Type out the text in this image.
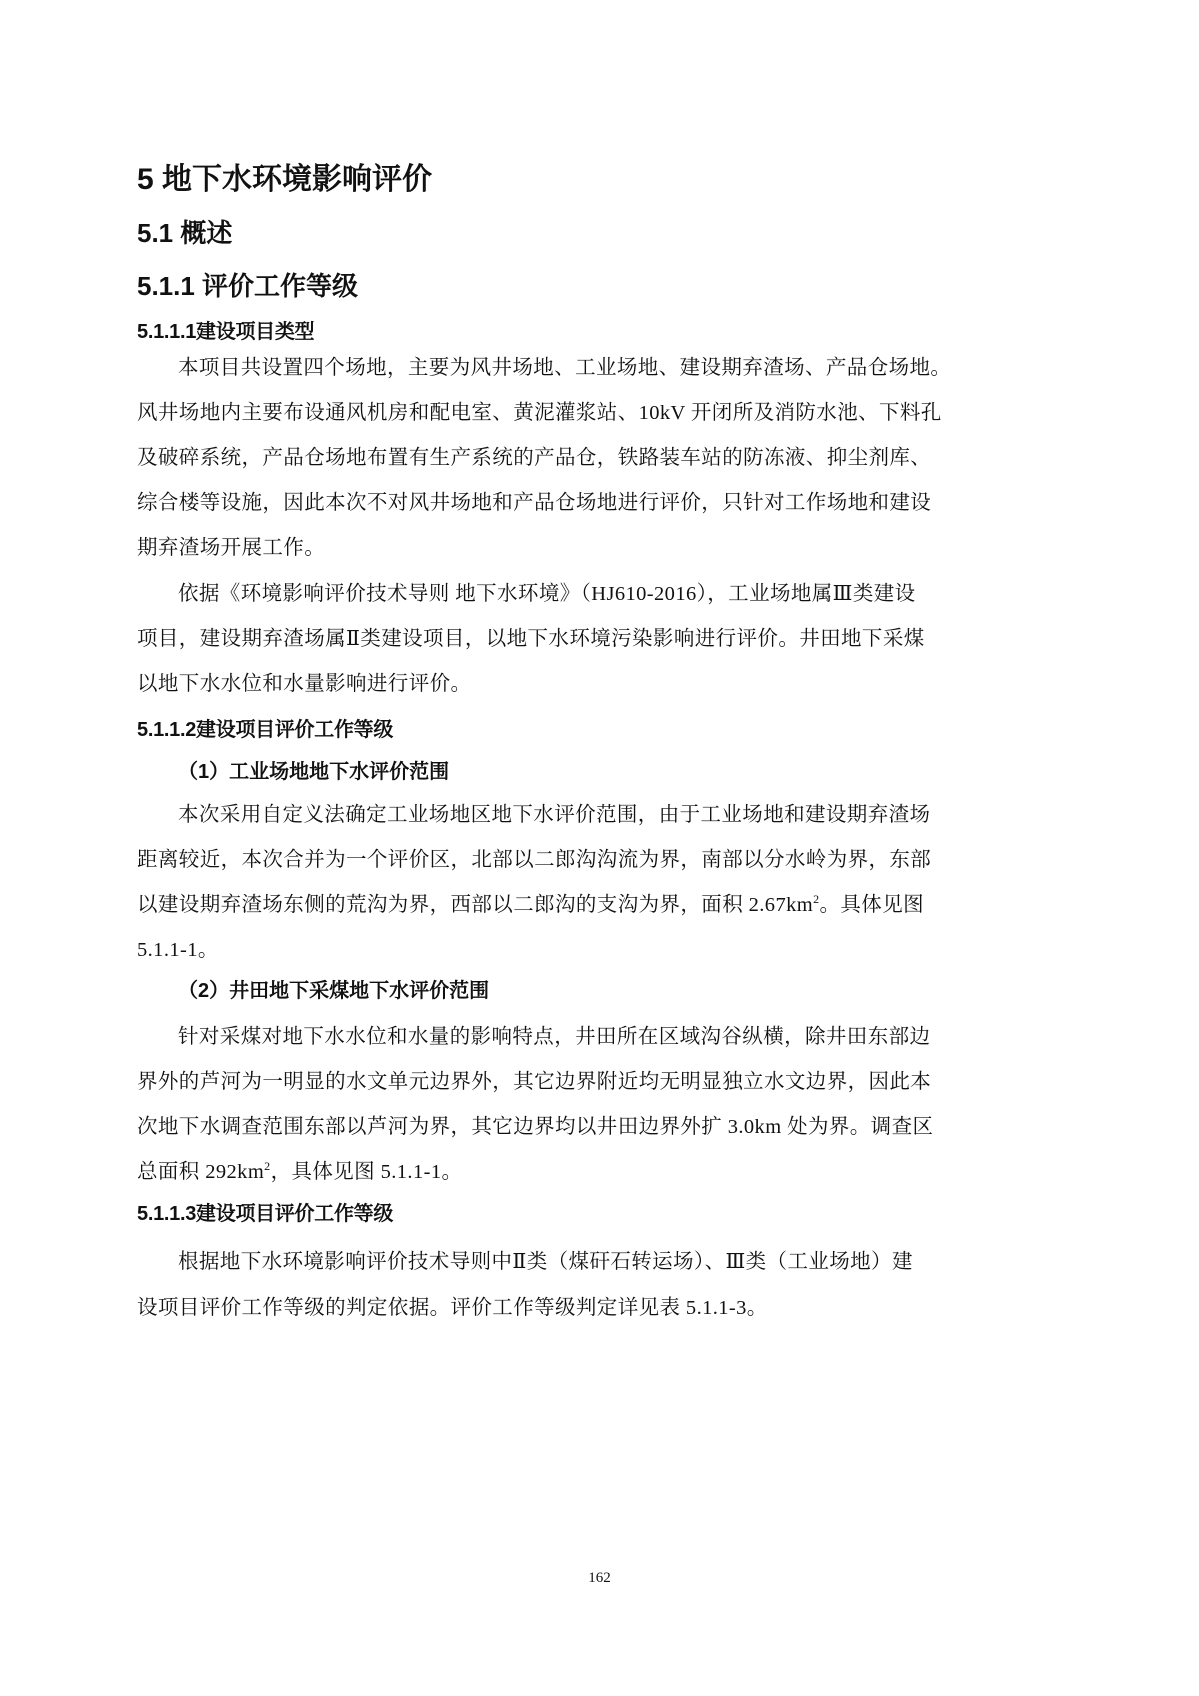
5 地下水环境影响评价
5.1 概述
5.1.1 评价工作等级
5.1.1.1建设项目类型
本项目共设置四个场地，主要为风井场地、工业场地、建设期弃渣场、产品仓场地。
风井场地内主要布设通风机房和配电室、黄泥灌浆站、10kV 开闭所及消防水池、下料孔
及破碎系统，产品仓场地布置有生产系统的产品仓，铁路装车站的防冻液、抑尘剂库、
综合楼等设施，因此本次不对风井场地和产品仓场地进行评价，只针对工作场地和建设
期弃渣场开展工作。
依据《环境影响评价技术导则 地下水环境》（HJ610-2016），工业场地属Ⅲ类建设
项目，建设期弃渣场属Ⅱ类建设项目，以地下水环境污染影响进行评价。井田地下采煤
以地下水水位和水量影响进行评价。
5.1.1.2建设项目评价工作等级
（1）工业场地地下水评价范围
本次采用自定义法确定工业场地区地下水评价范围，由于工业场地和建设期弃渣场
距离较近，本次合并为一个评价区，北部以二郎沟沟流为界，南部以分水岭为界，东部
以建设期弃渣场东侧的荒沟为界，西部以二郎沟的支沟为界，面积 $2.67km^2$。具体见图
5.1.1-1。
（2）井田地下采煤地下水评价范围
针对采煤对地下水水位和水量的影响特点，井田所在区域沟谷纵横，除井田东部边
界外的芦河为一明显的水文单元边界外，其它边界附近均无明显独立水文边界，因此本
次地下水调查范围东部以芦河为界，其它边界均以井田边界外扩 3.0km 处为界。调查区
总面积 $292km^2$，具体见图 5.1.1-1。
5.1.1.3建设项目评价工作等级
根据地下水环境影响评价技术导则中Ⅱ类（煤矸石转运场）、Ⅲ类（工业场地）建
设项目评价工作等级的判定依据。评价工作等级判定详见表 5.1.1-3。
162
